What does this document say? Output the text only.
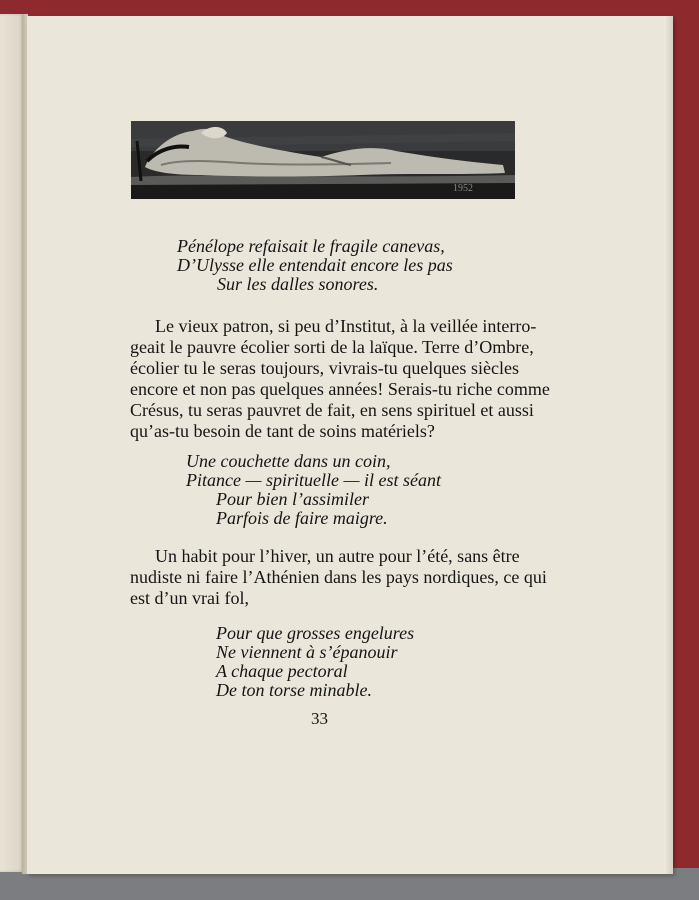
1952

Pénélope refaisait le fragile canevas,

D’Ulysse elle entendait encore les pas

Sur les dalles sonores.

Le vieux patron, si peu d’Institut, à la veillée interro-
geait le pauvre écolier sorti de la laïque. Terre d’Ombre,
écolier tu le seras toujours, vivrais-tu quelques siècles
encore et non pas quelques années! Serais-tu riche comme
Crésus, tu seras pauvret de fait, en sens spirituel et aussi
qu’as-tu besoin de tant de soins matériels?

Une couchette dans un coin,

Pitance — spirituelle — il est séant

Pour bien l’assimiler

Parfois de faire maigre.

Un habit pour l’hiver, un autre pour l’été, sans être
nudiste ni faire l’Athénien dans les pays nordiques, ce qui
est d’un vrai fol,

Pour que grosses engelures

Ne viennent à s’épanouir

A chaque pectoral

De ton torse minable.

33
